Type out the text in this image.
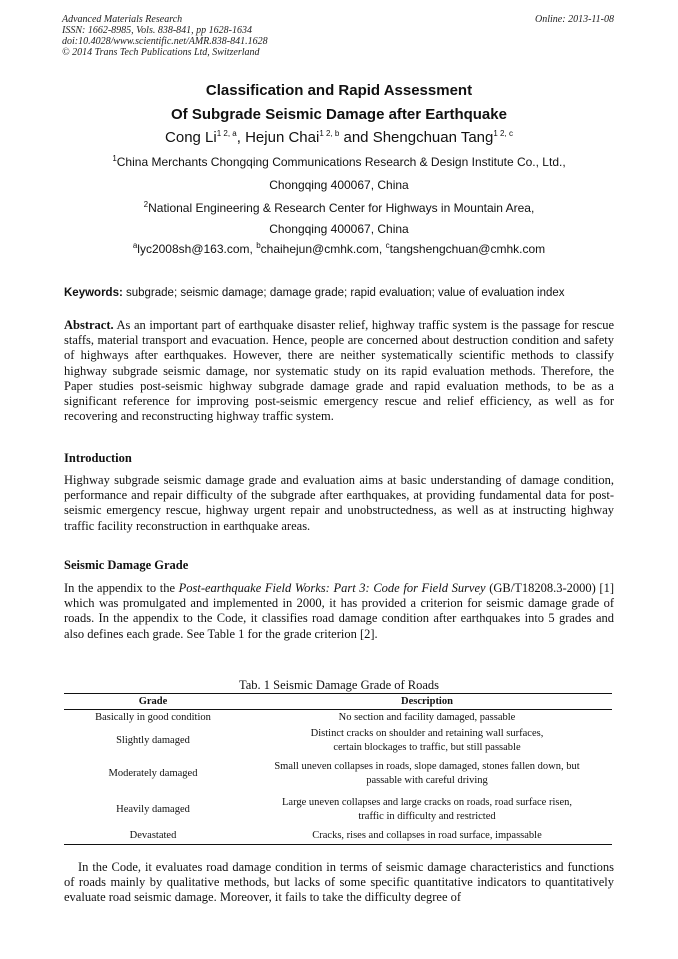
Advanced Materials Research
ISSN: 1662-8985, Vols. 838-841, pp 1628-1634
doi:10.4028/www.scientific.net/AMR.838-841.1628
© 2014 Trans Tech Publications Ltd, Switzerland
Online: 2013-11-08
Classification and Rapid Assessment
Of Subgrade Seismic Damage after Earthquake
Cong $Li^{1 2, a}$, Hejun Chai$^{1 2, b}$ and Shengchuan Tang$^{1 2, c}$
$^1$China Merchants Chongqing Communications Research & Design Institute Co., Ltd.,
Chongqing 400067, China
$^2$National Engineering & Research Center for Highways in Mountain Area,
Chongqing 400067, China
$^a$lyc2008sh@163.com, $^b$chaihejun@cmhk.com, $^c$tangshengchuan@cmhk.com
Keywords: subgrade; seismic damage; damage grade; rapid evaluation; value of evaluation index
Abstract. As an important part of earthquake disaster relief, highway traffic system is the passage for rescue staffs, material transport and evacuation. Hence, people are concerned about destruction condition and safety of highways after earthquakes. However, there are neither systematically scientific methods to classify highway subgrade seismic damage, nor systematic study on its rapid evaluation methods. Therefore, the Paper studies post-seismic highway subgrade damage grade and rapid evaluation methods, to be as a significant reference for improving post-seismic emergency rescue and relief efficiency, as well as for recovering and reconstructing highway traffic system.
Introduction
Highway subgrade seismic damage grade and evaluation aims at basic understanding of damage condition, performance and repair difficulty of the subgrade after earthquakes, at providing fundamental data for post-seismic emergency rescue, highway urgent repair and unobstructedness, as well as at instructing highway traffic facility reconstruction in earthquake areas.
Seismic Damage Grade
In the appendix to the Post-earthquake Field Works: Part 3: Code for Field Survey (GB/T18208.3-2000) [1] which was promulgated and implemented in 2000, it has provided a criterion for seismic damage grade of roads. In the appendix to the Code, it classifies road damage condition after earthquakes into 5 grades and also defines each grade. See Table 1 for the grade criterion [2].
Tab. 1 Seismic Damage Grade of Roads
Grade	Description
Basically in good condition	No section and facility damaged, passable
Slightly damaged	Distinct cracks on shoulder and retaining wall surfaces, certain blockages to traffic, but still passable
Moderately damaged	Small uneven collapses in roads, slope damaged, stones fallen down, but passable with careful driving
Heavily damaged	Large uneven collapses and large cracks on roads, road surface risen, traffic in difficulty and restricted
Devastated	Cracks, rises and collapses in road surface, impassable
In the Code, it evaluates road damage condition in terms of seismic damage characteristics and functions of roads mainly by qualitative methods, but lacks of some specific quantitative indicators to quantitatively evaluate road seismic damage. Moreover, it fails to take the difficulty degree of
